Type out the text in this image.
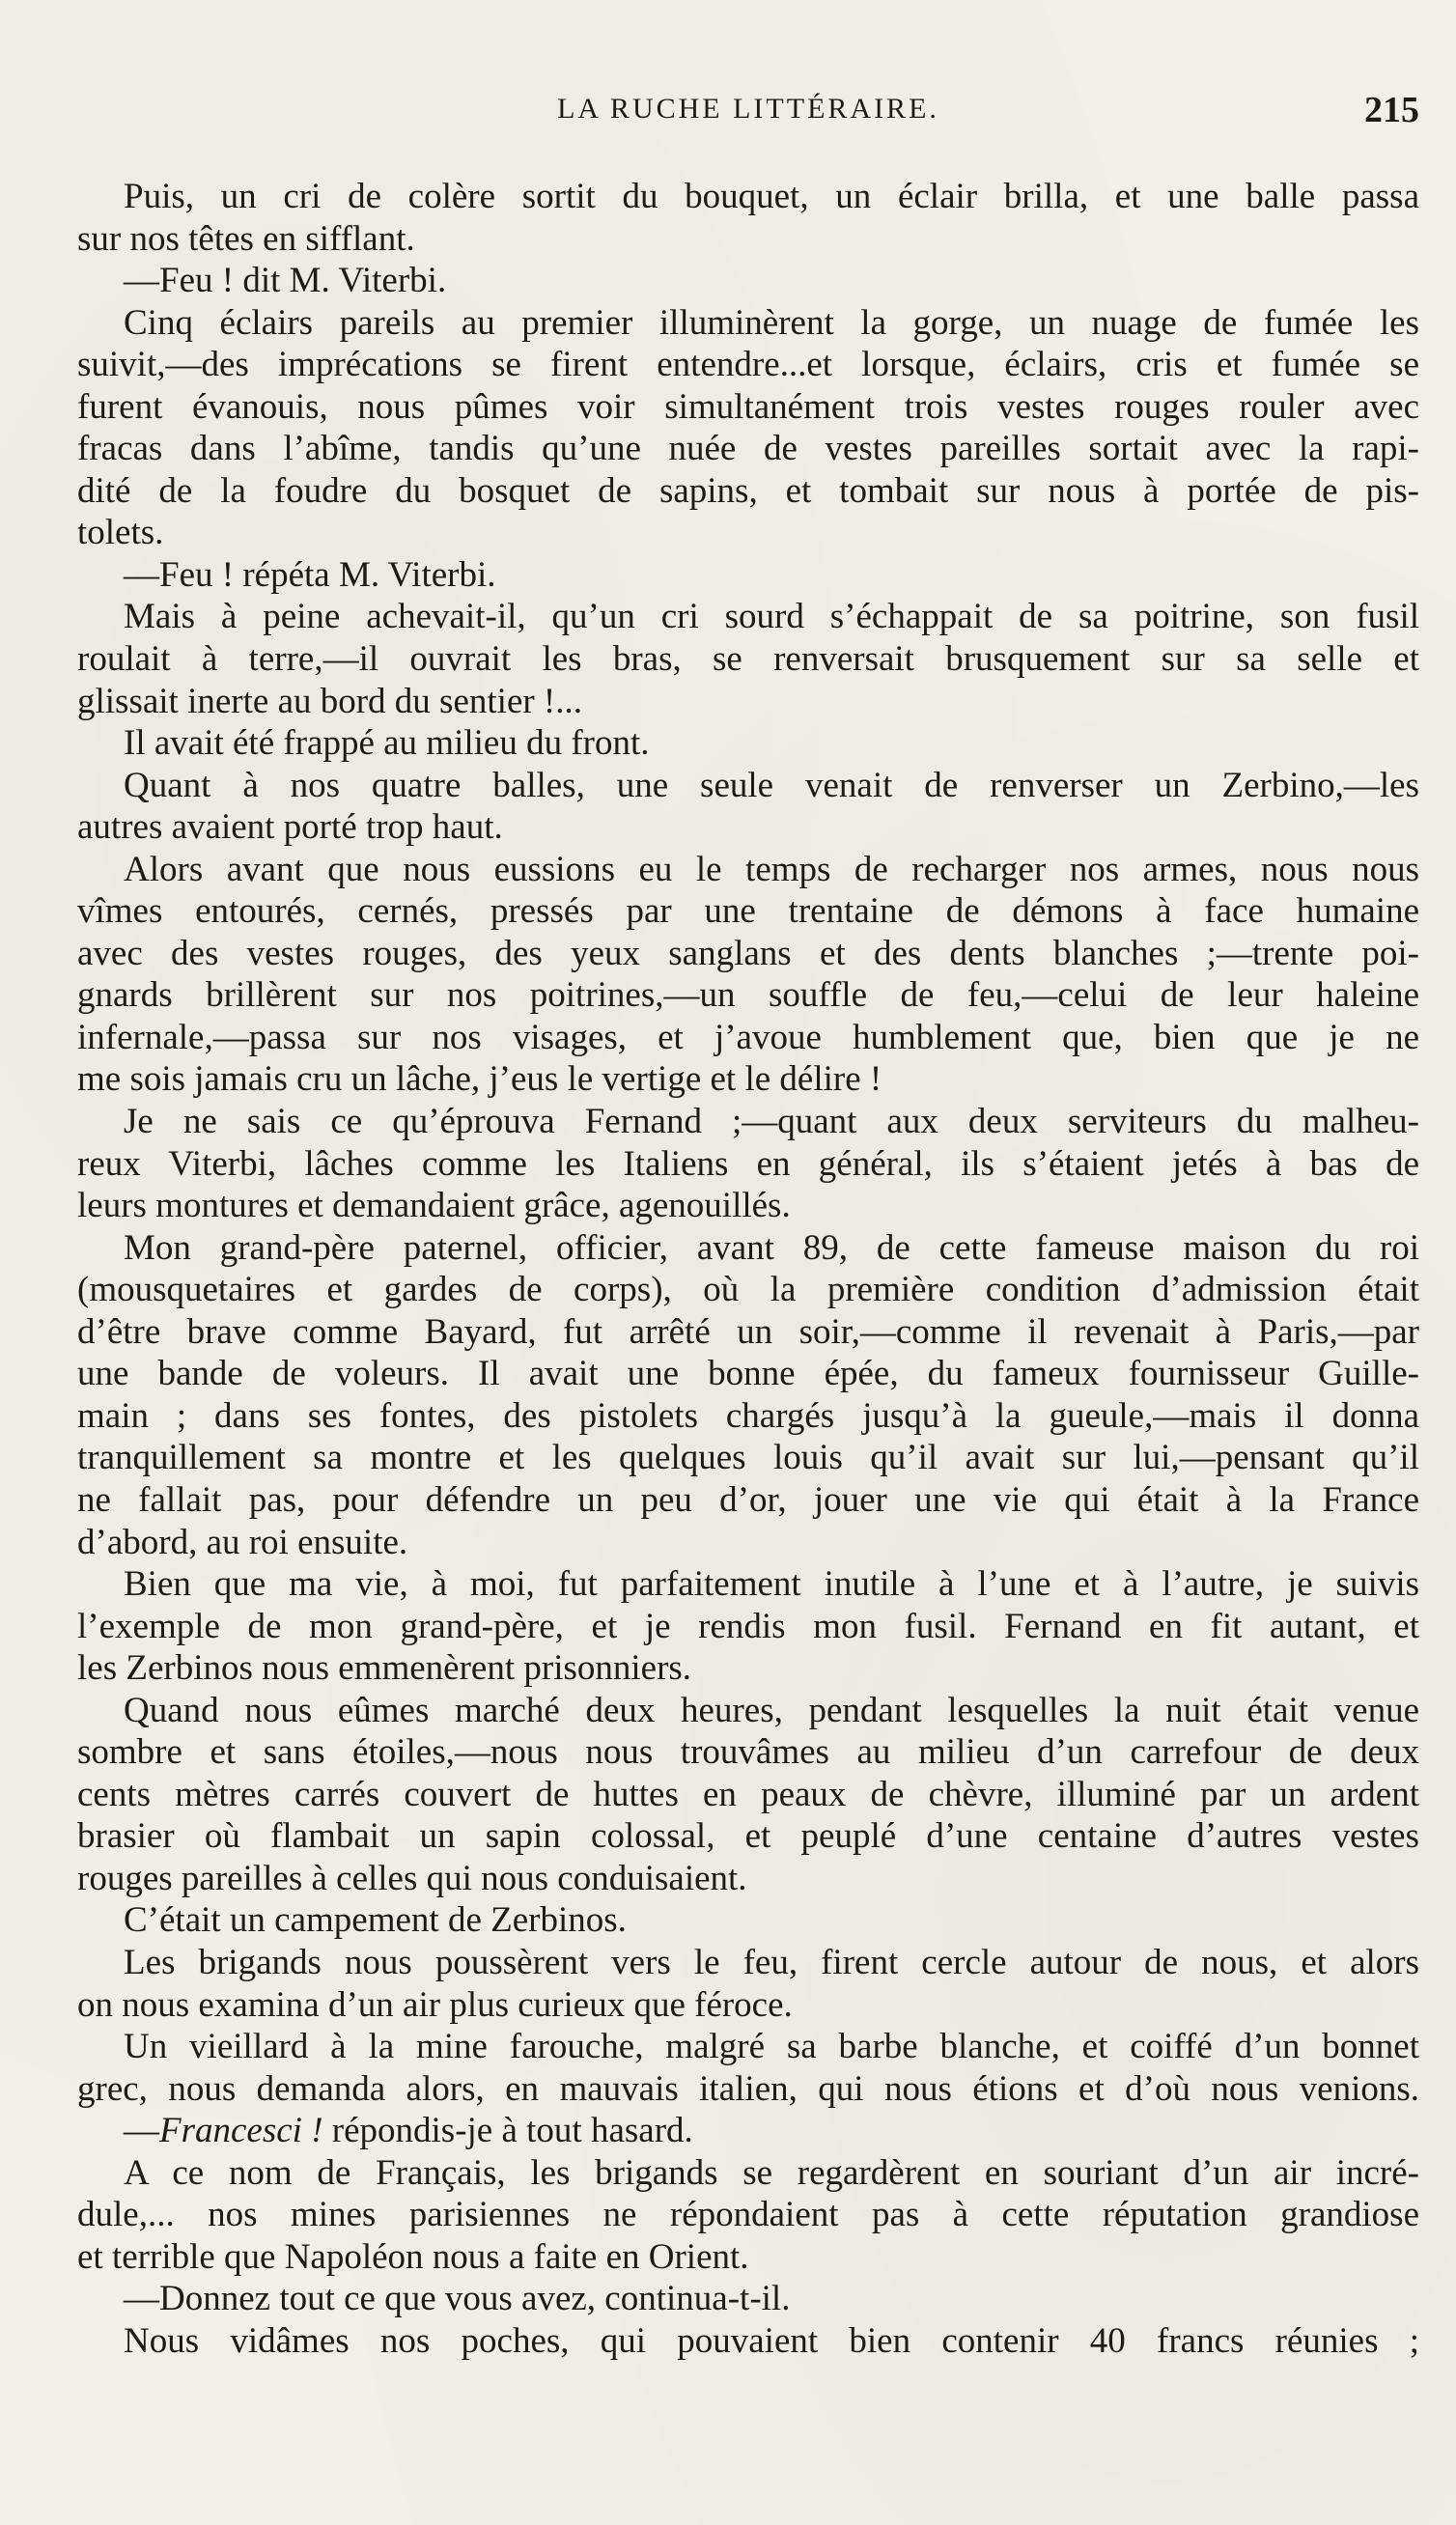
LA RUCHE LITTÉRAIRE.	215
Puis, un cri de colère sortit du bouquet, un éclair brilla, et une balle passa
sur nos têtes en sifflant.
—Feu ! dit M. Viterbi.
Cinq éclairs pareils au premier illuminèrent la gorge, un nuage de fumée les
suivit,—des imprécations se firent entendre...et lorsque, éclairs, cris et fumée se
furent évanouis, nous pûmes voir simultanément trois vestes rouges rouler avec
fracas dans l’abîme, tandis qu’une nuée de vestes pareilles sortait avec la rapi-
dité de la foudre du bosquet de sapins, et tombait sur nous à portée de pis-
tolets.
—Feu ! répéta M. Viterbi.
Mais à peine achevait-il, qu’un cri sourd s’échappait de sa poitrine, son fusil
roulait à terre,—il ouvrait les bras, se renversait brusquement sur sa selle et
glissait inerte au bord du sentier !...
Il avait été frappé au milieu du front.
Quant à nos quatre balles, une seule venait de renverser un Zerbino,—les
autres avaient porté trop haut.
Alors avant que nous eussions eu le temps de recharger nos armes, nous nous
vîmes entourés, cernés, pressés par une trentaine de démons à face humaine
avec des vestes rouges, des yeux sanglans et des dents blanches ;—trente poi-
gnards brillèrent sur nos poitrines,—un souffle de feu,—celui de leur haleine
infernale,—passa sur nos visages, et j’avoue humblement que, bien que je ne
me sois jamais cru un lâche, j’eus le vertige et le délire !
Je ne sais ce qu’éprouva Fernand ;—quant aux deux serviteurs du malheu-
reux Viterbi, lâches comme les Italiens en général, ils s’étaient jetés à bas de
leurs montures et demandaient grâce, agenouillés.
Mon grand-père paternel, officier, avant 89, de cette fameuse maison du roi
(mousquetaires et gardes de corps), où la première condition d’admission était
d’être brave comme Bayard, fut arrêté un soir,—comme il revenait à Paris,—par
une bande de voleurs. Il avait une bonne épée, du fameux fournisseur Guille-
main ; dans ses fontes, des pistolets chargés jusqu’à la gueule,—mais il donna
tranquillement sa montre et les quelques louis qu’il avait sur lui,—pensant qu’il
ne fallait pas, pour défendre un peu d’or, jouer une vie qui était à la France
d’abord, au roi ensuite.
Bien que ma vie, à moi, fut parfaitement inutile à l’une et à l’autre, je suivis
l’exemple de mon grand-père, et je rendis mon fusil. Fernand en fit autant, et
les Zerbinos nous emmenèrent prisonniers.
Quand nous eûmes marché deux heures, pendant lesquelles la nuit était venue
sombre et sans étoiles,—nous nous trouvâmes au milieu d’un carrefour de deux
cents mètres carrés couvert de huttes en peaux de chèvre, illuminé par un ardent
brasier où flambait un sapin colossal, et peuplé d’une centaine d’autres vestes
rouges pareilles à celles qui nous conduisaient.
C’était un campement de Zerbinos.
Les brigands nous poussèrent vers le feu, firent cercle autour de nous, et alors
on nous examina d’un air plus curieux que féroce.
Un vieillard à la mine farouche, malgré sa barbe blanche, et coiffé d’un bonnet
grec, nous demanda alors, en mauvais italien, qui nous étions et d’où nous venions.
—Francesci ! répondis-je à tout hasard.
A ce nom de Français, les brigands se regardèrent en souriant d’un air incré-
dule,... nos mines parisiennes ne répondaient pas à cette réputation grandiose
et terrible que Napoléon nous a faite en Orient.
—Donnez tout ce que vous avez, continua-t-il.
Nous vidâmes nos poches, qui pouvaient bien contenir 40 francs réunies ;
